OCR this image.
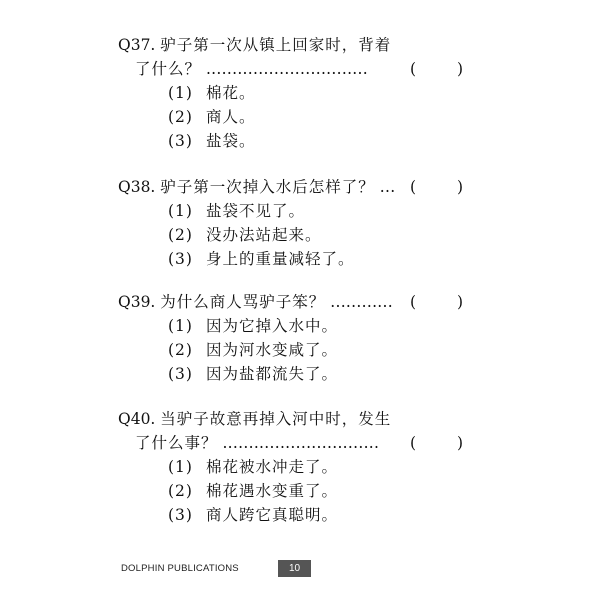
Q37. 驴子第一次从镇上回家时，背着
了什么？ ...............................	(	)
(1) 棉花。
(2) 商人。
(3) 盐袋。
Q38. 驴子第一次掉入水后怎样了？ ... (	)
(1) 盐袋不见了。
(2) 没办法站起来。
(3) 身上的重量减轻了。
Q39. 为什么商人骂驴子笨？ ............ (	)
(1) 因为它掉入水中。
(2) 因为河水变咸了。
(3) 因为盐都流失了。
Q40. 当驴子故意再掉入河中时，发生
了什么事？ .............................. (	)
(1) 棉花被水冲走了。
(2) 棉花遇水变重了。
(3) 商人跨它真聪明。
DOLPHIN PUBLICATIONS	10
